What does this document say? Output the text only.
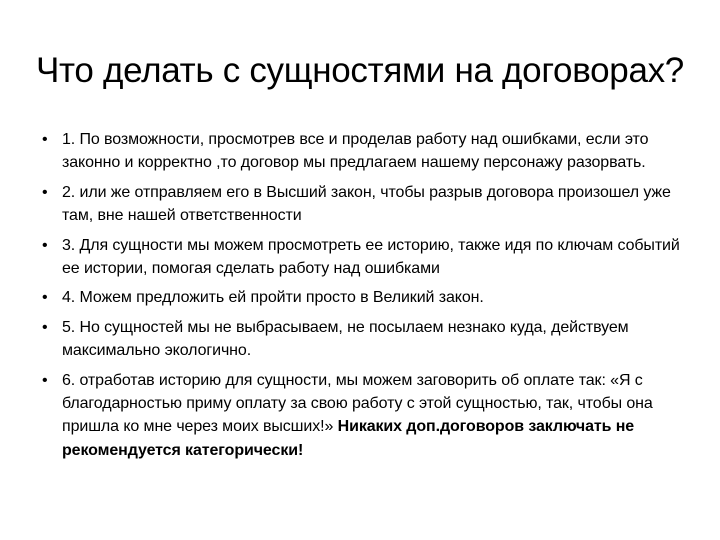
Что делать с сущностями на договорах?
• 1. По возможности, просмотрев все и проделав работу над ошибками, если это законно и корректно ,то договор мы предлагаем нашему персонажу разорвать.
• 2. или же отправляем его в Высший закон, чтобы разрыв договора произошел уже там, вне нашей ответственности
• 3. Для сущности мы можем просмотреть ее историю, также идя по ключам событий ее истории, помогая сделать работу над ошибками
• 4. Можем предложить ей пройти просто в Великий закон.
• 5. Но сущностей мы не выбрасываем, не посылаем незнако куда, действуем максимально экологично.
• 6. отработав историю для сущности, мы можем заговорить об оплате так: «Я с благодарностью приму оплату за свою работу с этой сущностью, так, чтобы она пришла ко мне через моих высших!» Никаких доп.договоров заключать не рекомендуется категорически!
